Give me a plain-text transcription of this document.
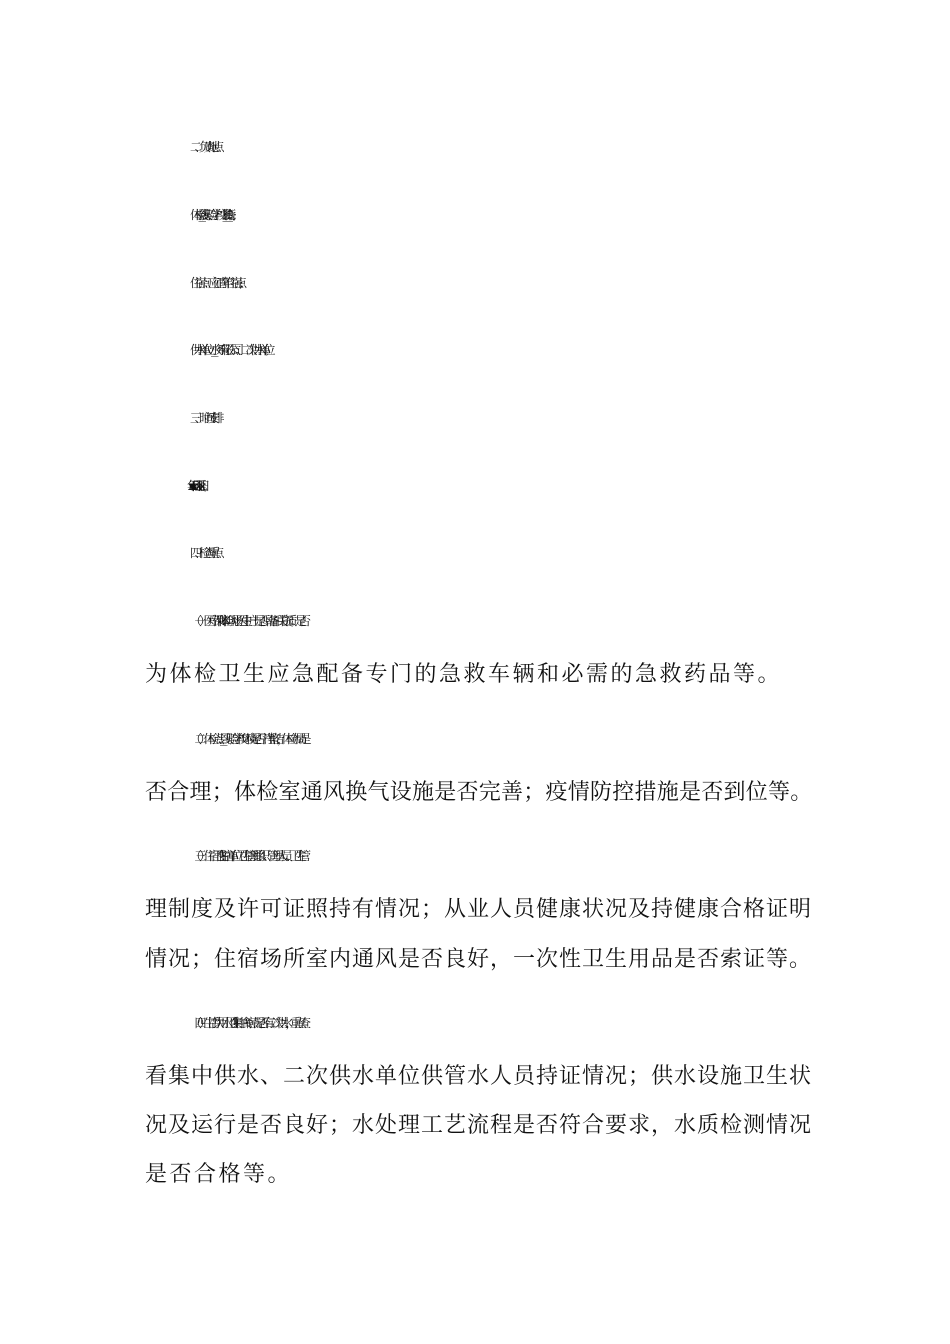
二、负责地点

体检点:__县实验学校（__县__镇__街）;

住宿点：应征青年住宿点;

供水单位：__水务有限公司、二次供水单位 。

三、时间安排

xxxx年x月 xx日至 x月x日。

四、检查重点

（一）医疗保障:体检现场医生护士是否具备相关资质；是否

为体检卫生应急配备专门的急救车辆和必需的急救药品等。

（二）体检点：__县实验学校环境是否干净整洁，体检布局是

否合理；体检室通风换气设施是否完善；疫情防控措施是否到位等。

（三）住宿卫生:住宿单位卫生管理组织、管理人员、卫生管

理制度及许可证照持有情况；从业人员健康状况及持健康合格证明

情况；住宿场所室内通风是否良好，一次性卫生用品是否索证等。

（四）生活饮用水卫生:集中食宿点是否有二次供水，重点查

看集中供水、二次供水单位供管水人员持证情况；供水设施卫生状

况及运行是否良好；水处理工艺流程是否符合要求，水质检测情况

是否合格等。
